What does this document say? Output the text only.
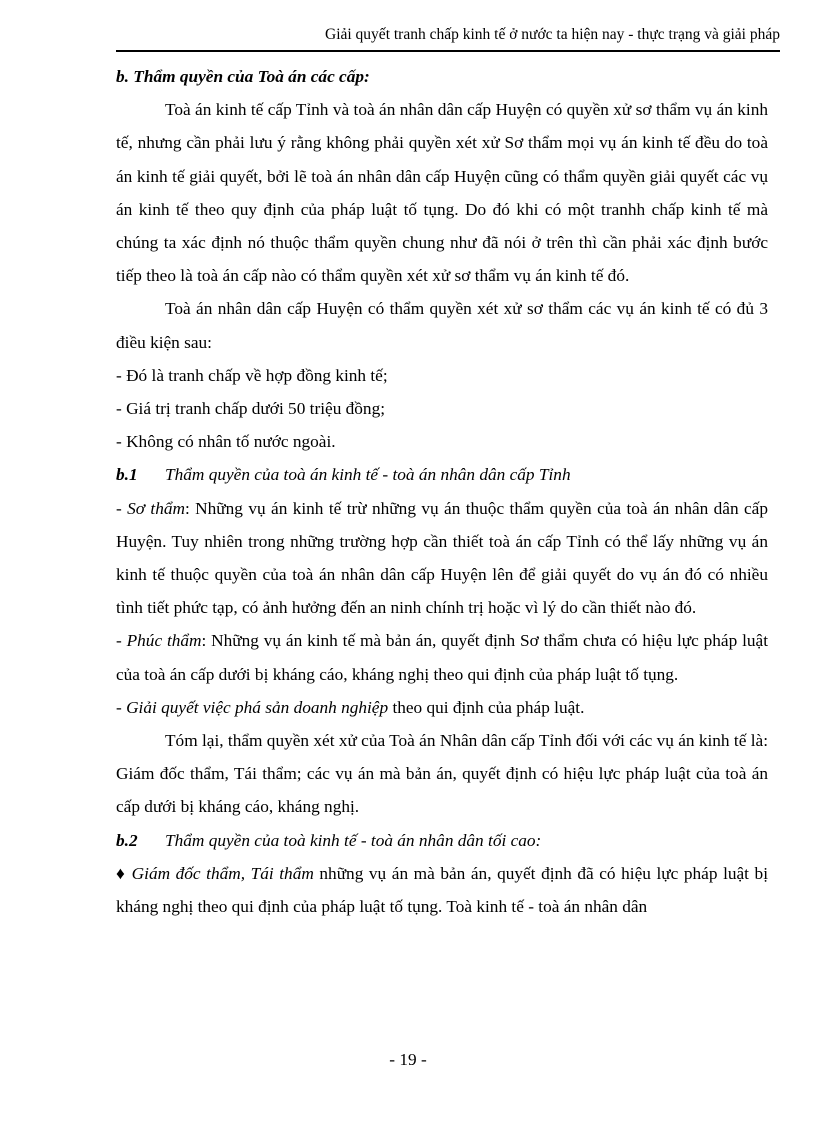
Giải quyết tranh chấp kinh tế ở nước ta hiện nay - thực trạng và giải pháp

b. Thẩm quyền của Toà án các cấp:

Toà án kinh tế cấp Tỉnh và toà án nhân dân cấp Huyện có quyền xử sơ thẩm vụ án kinh tế, nhưng cần phải lưu ý rằng không phải quyền xét xử Sơ thẩm mọi vụ án kinh tế đều do toà án kinh tế giải quyết, bởi lẽ toà án nhân dân cấp Huyện cũng có thẩm quyền giải quyết các vụ án kinh tế theo quy định của pháp luật tố tụng. Do đó khi có một tranhh chấp kinh tế mà chúng ta xác định nó thuộc thẩm quyền chung như đã nói ở trên thì cần phải xác định bước tiếp theo là toà án cấp nào có thẩm quyền xét xử sơ thẩm vụ án kinh tế đó.

Toà án nhân dân cấp Huyện có thẩm quyền xét xử sơ thẩm các vụ án kinh tế có đủ 3 điều kiện sau:

- Đó là tranh chấp về hợp đồng kinh tế;

- Giá trị tranh chấp dưới 50 triệu đồng;

- Không có nhân tố nước ngoài.

b.1 Thẩm quyền của toà án kinh tế - toà án nhân dân cấp Tỉnh

- Sơ thẩm: Những vụ án kinh tế trừ những vụ án thuộc thẩm quyền của toà án nhân dân cấp Huyện. Tuy nhiên trong những trường hợp cần thiết toà án cấp Tỉnh có thể lấy những vụ án kinh tế thuộc quyền của toà án nhân dân cấp Huyện lên để giải quyết do vụ án đó có nhiều tình tiết phức tạp, có ảnh hưởng đến an ninh chính trị hoặc vì lý do cần thiết nào đó.

- Phúc thẩm: Những vụ án kinh tế mà bản án, quyết định Sơ thẩm chưa có hiệu lực pháp luật của toà án cấp dưới bị kháng cáo, kháng nghị theo qui định của pháp luật tố tụng.

- Giải quyết việc phá sản doanh nghiệp theo qui định của pháp luật.

Tóm lại, thẩm quyền xét xử của Toà án Nhân dân cấp Tỉnh đối với các vụ án kinh tế là: Giám đốc thẩm, Tái thẩm; các vụ án mà bản án, quyết định có hiệu lực pháp luật của toà án cấp dưới bị kháng cáo, kháng nghị.

b.2 Thẩm quyền của toà kinh tế - toà án nhân dân tối cao:

♦ Giám đốc thẩm, Tái thẩm những vụ án mà bản án, quyết định đã có hiệu lực pháp luật bị kháng nghị theo qui định của pháp luật tố tụng. Toà kinh tế - toà án nhân dân

- 19 -
